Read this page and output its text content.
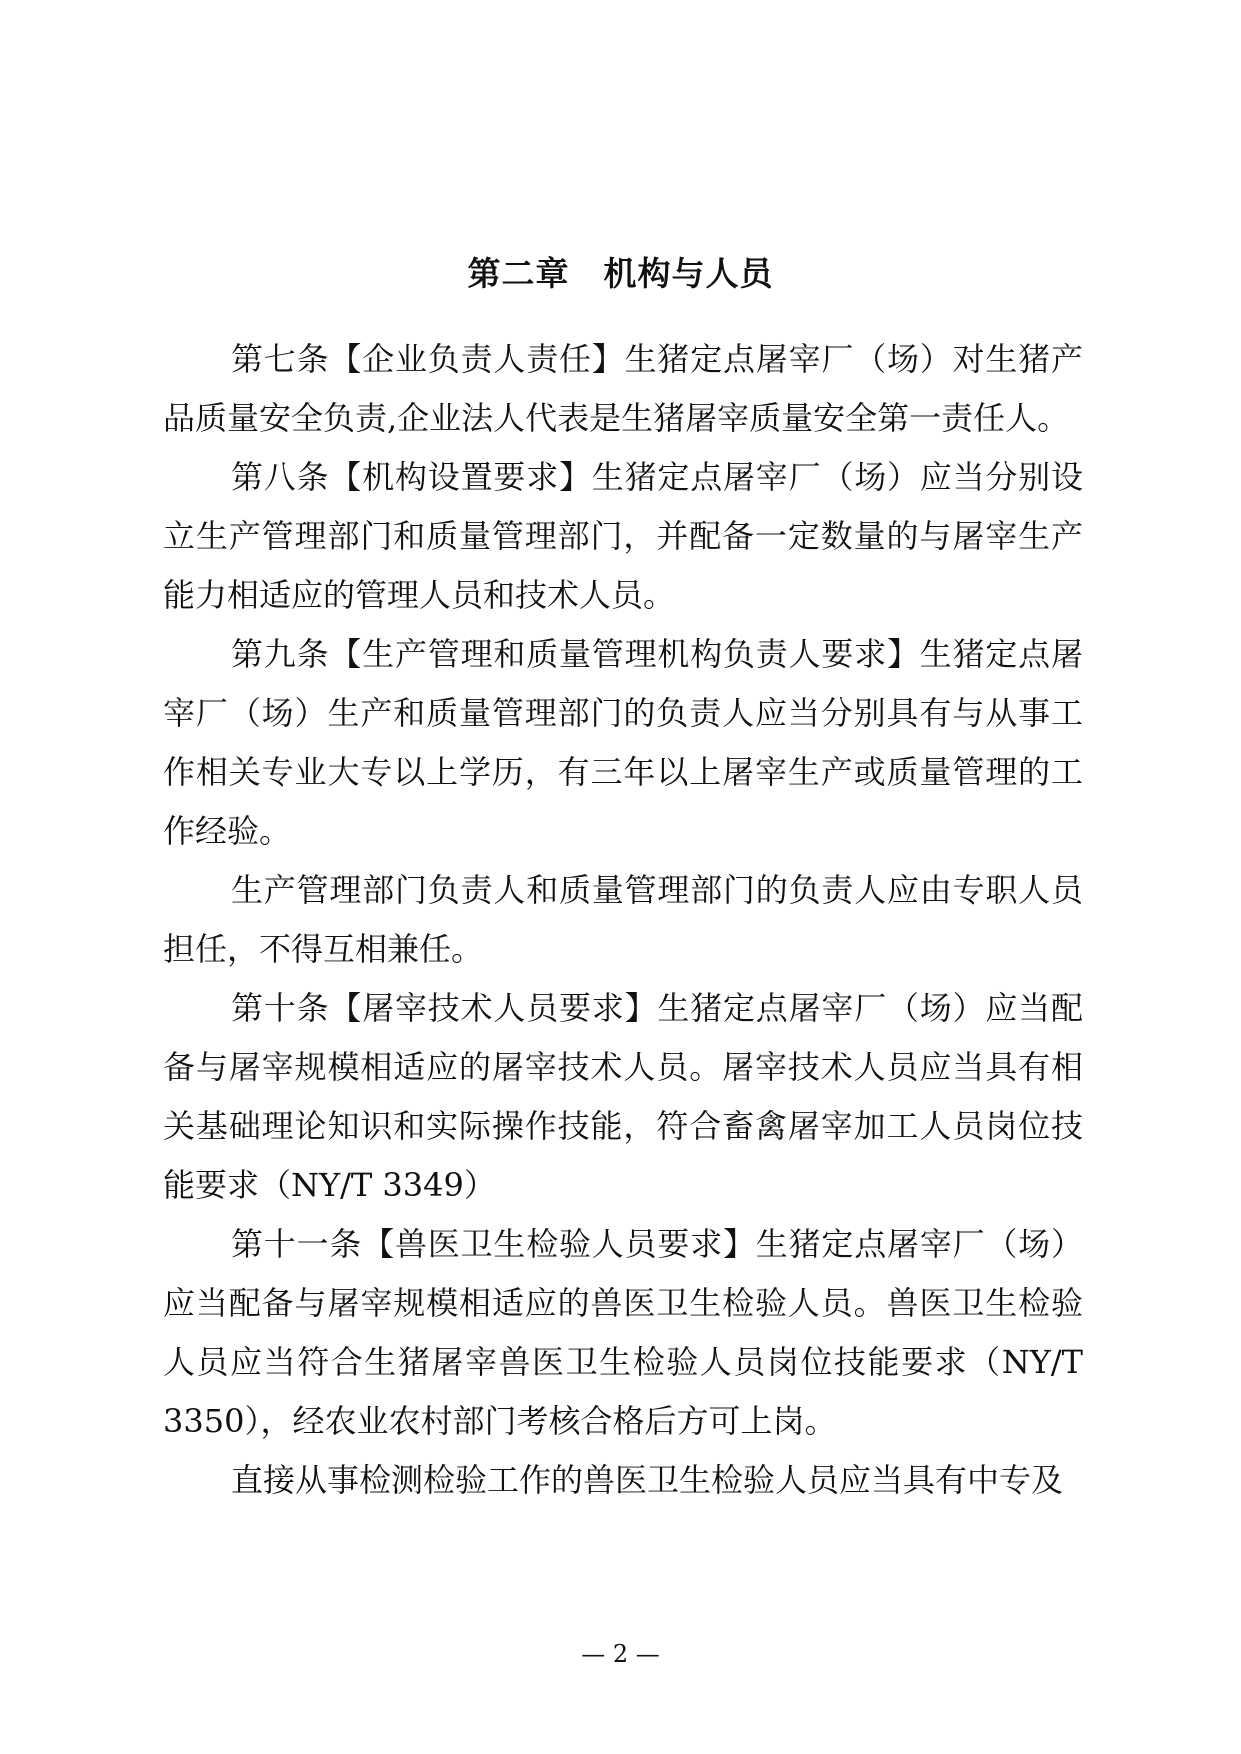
第二章　机构与人员

第七条【企业负责人责任】生猪定点屠宰厂（场）对生猪产品质量安全负责,企业法人代表是生猪屠宰质量安全第一责任人。

第八条【机构设置要求】生猪定点屠宰厂（场）应当分别设立生产管理部门和质量管理部门，并配备一定数量的与屠宰生产能力相适应的管理人员和技术人员。

第九条【生产管理和质量管理机构负责人要求】生猪定点屠宰厂（场）生产和质量管理部门的负责人应当分别具有与从事工作相关专业大专以上学历，有三年以上屠宰生产或质量管理的工作经验。

生产管理部门负责人和质量管理部门的负责人应由专职人员担任，不得互相兼任。

第十条【屠宰技术人员要求】生猪定点屠宰厂（场）应当配备与屠宰规模相适应的屠宰技术人员。屠宰技术人员应当具有相关基础理论知识和实际操作技能，符合畜禽屠宰加工人员岗位技能要求（NY/T 3349）

第十一条【兽医卫生检验人员要求】生猪定点屠宰厂（场）应当配备与屠宰规模相适应的兽医卫生检验人员。兽医卫生检验人员应当符合生猪屠宰兽医卫生检验人员岗位技能要求（NY/T 3350），经农业农村部门考核合格后方可上岗。

直接从事检测检验工作的兽医卫生检验人员应当具有中专及

— 2 —
